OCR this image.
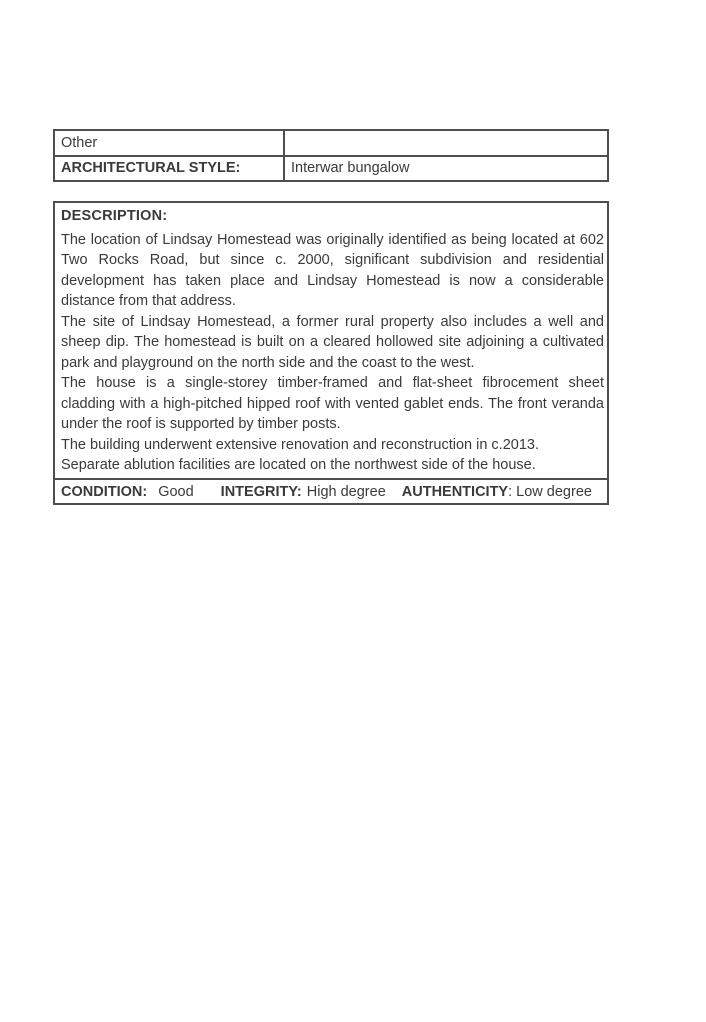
Other	
ARCHITECTURAL STYLE:	Interwar bungalow
DESCRIPTION:

The location of Lindsay Homestead was originally identified as being located at 602 Two Rocks Road, but since c. 2000, significant subdivision and residential development has taken place and Lindsay Homestead is now a considerable distance from that address.

The site of Lindsay Homestead, a former rural property also includes a well and sheep dip. The homestead is built on a cleared hollowed site adjoining a cultivated park and playground on the north side and the coast to the west.

The house is a single-storey timber-framed and flat-sheet fibrocement sheet cladding with a high-pitched hipped roof with vented gablet ends. The front veranda under the roof is supported by timber posts.

The building underwent extensive renovation and reconstruction in c.2013.

Separate ablution facilities are located on the northwest side of the house.

CONDITION: Good INTEGRITY: High degree AUTHENTICITY: Low degree
